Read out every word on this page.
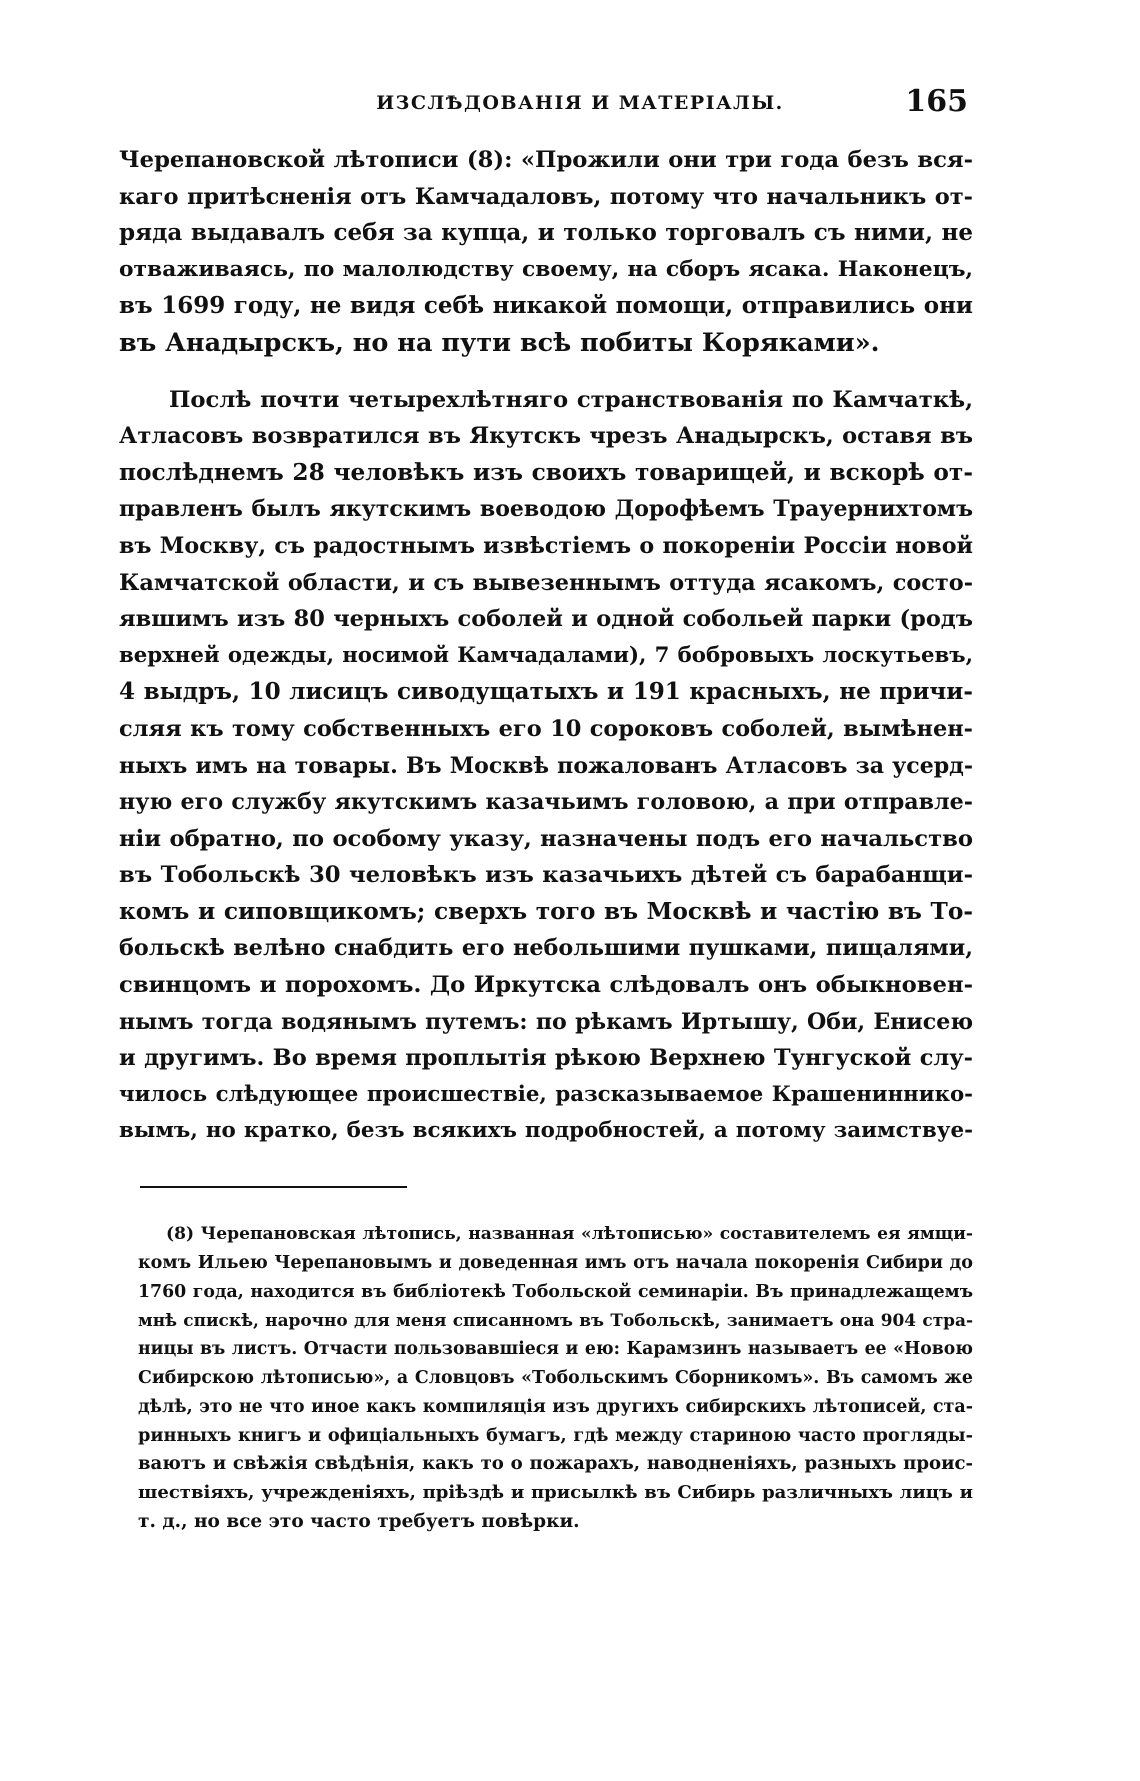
ИЗСЛѢДОВАНІЯ И МАТЕРІАЛЫ.	165
Черепановской лѣтописи (8): «Прожили они три года безъ вся-
каго притѣсненія отъ Камчадаловъ, потому что начальникъ от-
ряда выдавалъ себя за купца, и только торговалъ съ ними, не
отваживаясь, по малолюдству своему, на сборъ ясака. Наконецъ,
въ 1699 году, не видя себѣ никакой помощи, отправились они
въ Анадырскъ, но на пути всѣ побиты Коряками».
Послѣ почти четырехлѣтняго странствованія по Камчаткѣ,
Атласовъ возвратился въ Якутскъ чрезъ Анадырскъ, оставя въ
послѣднемъ 28 человѣкъ изъ своихъ товарищей, и вскорѣ от-
правленъ былъ якутскимъ воеводою Дорофѣемъ Трауернихтомъ
въ Москву, съ радостнымъ извѣстіемъ о покореніи Россіи новой
Камчатской области, и съ вывезеннымъ оттуда ясакомъ, состо-
явшимъ изъ 80 черныхъ соболей и одной собольей парки (родъ
верхней одежды, носимой Камчадалами), 7 бобровыхъ лоскутьевъ,
4 выдръ, 10 лисицъ сиводущатыхъ и 191 красныхъ, не причи-
сляя къ тому собственныхъ его 10 сороковъ соболей, вымѣнен-
ныхъ имъ на товары. Въ Москвѣ пожалованъ Атласовъ за усерд-
ную его службу якутскимъ казачьимъ головою, а при отправле-
ніи обратно, по особому указу, назначены подъ его начальство
въ Тобольскѣ 30 человѣкъ изъ казачьихъ дѣтей съ барабанщи-
комъ и сиповщикомъ; сверхъ того въ Москвѣ и частію въ То-
больскѣ велѣно снабдить его небольшими пушками, пищалями,
свинцомъ и порохомъ. До Иркутска слѣдовалъ онъ обыкновен-
нымъ тогда водянымъ путемъ: по рѣкамъ Иртышу, Оби, Енисею
и другимъ. Во время проплытія рѣкою Верхнею Тунгуской слу-
чилось слѣдующее происшествіе, разсказываемое Крашениннико-
вымъ, но кратко, безъ всякихъ подробностей, а потому заимствуе-
(8) Черепановская лѣтопись, названная «лѣтописью» составителемъ ея ямщи-
комъ Ильею Черепановымъ и доведенная имъ отъ начала покоренія Сибири до
1760 года, находится въ библіотекѣ Тобольской семинаріи. Въ принадлежащемъ
мнѣ спискѣ, нарочно для меня списанномъ въ Тобольскѣ, занимаетъ она 904 стра-
ницы въ листъ. Отчасти пользовавшіеся и ею: Карамзинъ называетъ ее «Новою
Сибирскою лѣтописью», а Словцовъ «Тобольскимъ Сборникомъ». Въ самомъ же
дѣлѣ, это не что иное какъ компиляція изъ другихъ сибирскихъ лѣтописей, ста-
ринныхъ книгъ и офиціальныхъ бумагъ, гдѣ между стариною часто прогляды-
ваютъ и свѣжія свѣдѣнія, какъ то о пожарахъ, наводненіяхъ, разныхъ проис-
шествіяхъ, учрежденіяхъ, пріѣздѣ и присылкѣ въ Сибирь различныхъ лицъ и
т. д., но все это часто требуетъ повѣрки.
